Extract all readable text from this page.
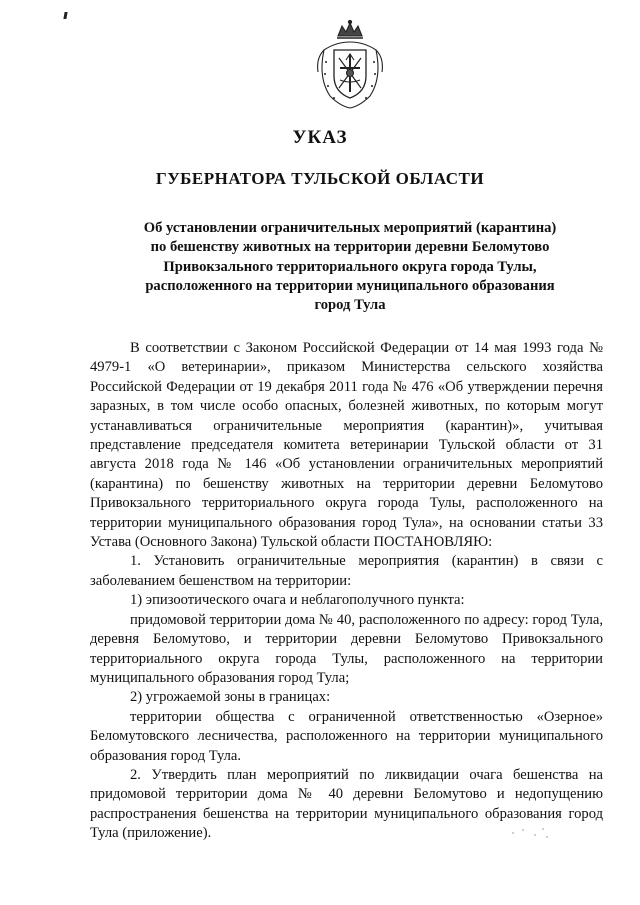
УКАЗ
ГУБЕРНАТОРА ТУЛЬСКОЙ ОБЛАСТИ
Об установлении ограничительных мероприятий (карантина)
по бешенству животных на территории деревни Беломутово
Привокзального территориального округа города Тулы,
расположенного на территории муниципального образования
город Тула

В соответствии с Законом Российской Федерации от 14 мая 1993 года № 4979-1 «О ветеринарии», приказом Министерства сельского хозяйства Российской Федерации от 19 декабря 2011 года № 476 «Об утверждении перечня заразных, в том числе особо опасных, болезней животных, по которым могут устанавливаться ограничительные мероприятия (карантин)», учитывая представление председателя комитета ветеринарии Тульской области от 31 августа 2018 года № 146 «Об установлении ограничительных мероприятий (карантина) по бешенству животных на территории деревни Беломутово Привокзального территориального округа города Тулы, расположенного на территории муниципального образования город Тула», на основании статьи 33 Устава (Основного Закона) Тульской области ПОСТАНОВЛЯЮ:

1. Установить ограничительные мероприятия (карантин) в связи с заболеванием бешенством на территории:

1) эпизоотического очага и неблагополучного пункта:

придомовой территории дома № 40, расположенного по адресу: город Тула, деревня Беломутово, и территории деревни Беломутово Привокзального территориального округа города Тулы, расположенного на территории муниципального образования город Тула;

2) угрожаемой зоны в границах:

территории общества с ограниченной ответственностью «Озерное» Беломутовского лесничества, расположенного на территории муниципального образования город Тула.

2. Утвердить план мероприятий по ликвидации очага бешенства на придомовой территории дома № 40 деревни Беломутово и недопущению распространения бешенства на территории муниципального образования город Тула (приложение).
